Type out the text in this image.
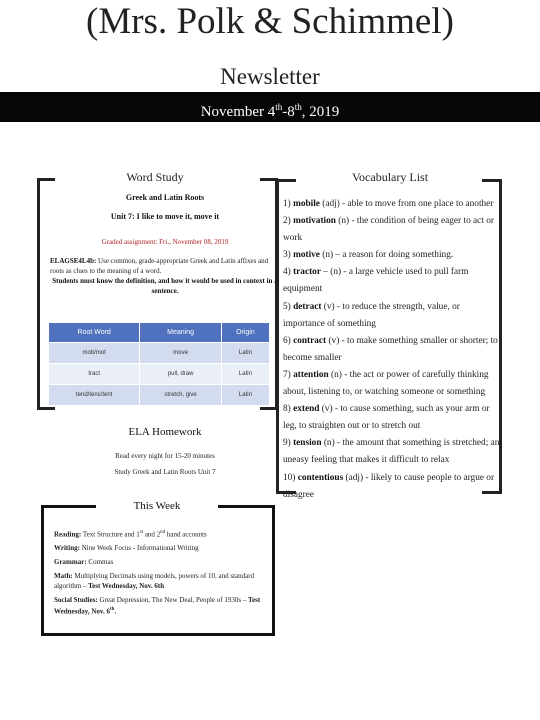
(Mrs. Polk & Schimmel)
Newsletter
November 4th-8th, 2019
Word Study
Greek and Latin Roots
Unit 7: I like to move it, move it
Graded assignment: Fri., November 08, 2019
ELAGSE4L4b: Use common, grade-appropriate Greek and Latin affixes and roots as clues to the meaning of a word.
Students must know the definition, and how it would be used in context in a sentence.
Root Word	Meaning	Origin
mob/mot	move	Latin
tract	pull, draw	Latin
tend/tens/tent	stretch, give	Latin
ELA Homework
Read every night for 15-20 minutes
Study Greek and Latin Roots Unit 7
Reading: Text Structure and 1st and 2nd hand accounts
Writing: Nine Week Focus - Informational Writing
Grammar: Commas
Math: Multiplying Decimals using models, powers of 10, and standard algorithm – Test Wednesday, Nov. 6th
Social Studies: Great Depression, The New Deal, People of 1930s – Test Wednesday, Nov. 6th.
This Week
Vocabulary List
1) mobile (adj) - able to move from one place to another
2) motivation (n) - the condition of being eager to act or work
3) motive (n) – a reason for doing something.
4) tractor – (n) - a large vehicle used to pull farm equipment
5) detract (v) - to reduce the strength, value, or importance of something
6) contract (v) - to make something smaller or shorter; to become smaller
7) attention (n) - the act or power of carefully thinking about, listening to, or watching someone or something
8) extend (v) - to cause something, such as your arm or leg, to straighten out or to stretch out
9) tension (n) - the amount that something is stretched; an uneasy feeling that makes it difficult to relax
10) contentious (adj) - likely to cause people to argue or disagree
